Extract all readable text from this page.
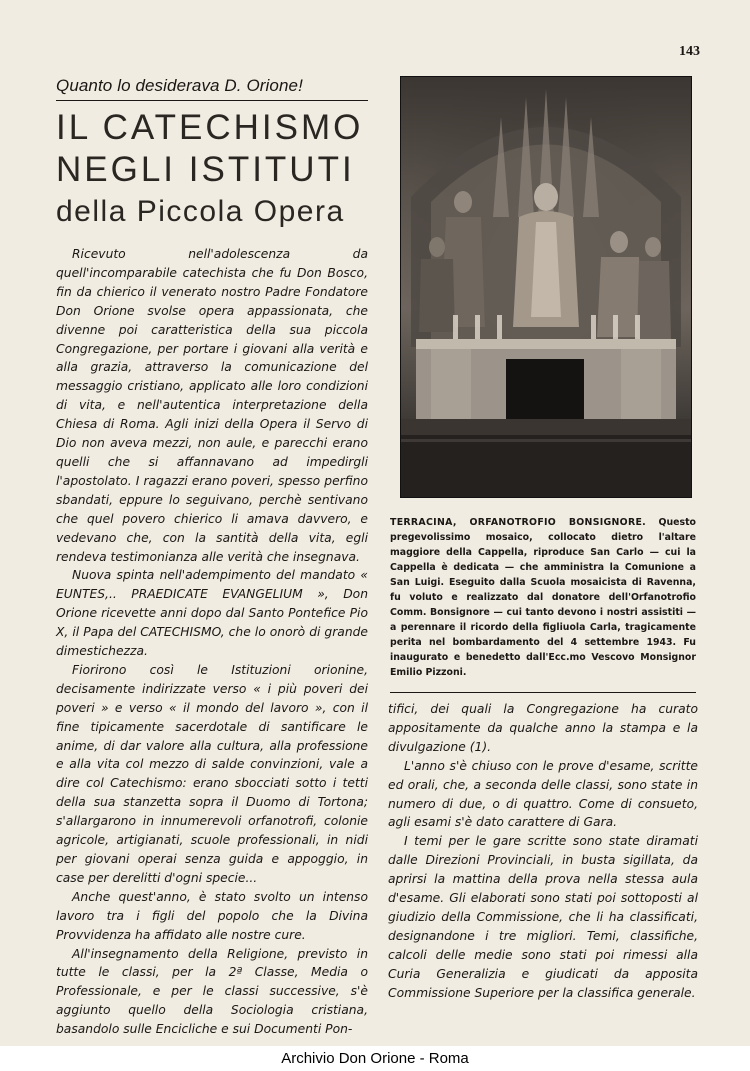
143
Quanto lo desiderava D. Orione!
IL CATECHISMO
NEGLI ISTITUTI
della Piccola Opera

Ricevuto nell'adolescenza da quell'incomparabile catechista che fu Don Bosco, fin da chierico il venerato nostro Padre Fondatore Don Orione svolse opera appassionata, che divenne poi caratteristica della sua piccola Congregazione, per portare i giovani alla verità e alla grazia, attraverso la comunicazione del messaggio cristiano, applicato alle loro condizioni di vita, e nell'autentica interpretazione della Chiesa di Roma. Agli inizi della Opera il Servo di Dio non aveva mezzi, non aule, e parecchi erano quelli che si affannavano ad impedirgli l'apostolato. I ragazzi erano poveri, spesso perfino sbandati, eppure lo seguivano, perchè sentivano che quel povero chierico li amava davvero, e vedevano che, con la santità della vita, egli rendeva testimonianza alle verità che insegnava.

Nuova spinta nell'adempimento del mandato « EUNTES,.. PRAEDICATE EVANGELIUM », Don Orione ricevette anni dopo dal Santo Pontefice Pio X, il Papa del CATECHISMO, che lo onorò di grande dimestichezza.

Fiorirono così le Istituzioni orionine, decisamente indirizzate verso « i più poveri dei poveri » e verso « il mondo del lavoro », con il fine tipicamente sacerdotale di santificare le anime, di dar valore alla cultura, alla professione e alla vita col mezzo di salde convinzioni, vale a dire col Catechismo: erano sbocciati sotto i tetti della sua stanzetta sopra il Duomo di Tortona; s'allargarono in innumerevoli orfanotrofi, colonie agricole, artigianati, scuole professionali, in nidi per giovani operai senza guida e appoggio, in case per derelitti d'ogni specie...

Anche quest'anno, è stato svolto un intenso lavoro tra i figli del popolo che la Divina Provvidenza ha affidato alle nostre cure.

All'insegnamento della Religione, previsto in tutte le classi, per la 2ª Classe, Media o Professionale, e per le classi successive, s'è aggiunto quello della Sociologia cristiana, basandolo sulle Encicliche e sui Documenti Pon-

TERRACINA, ORFANOTROFIO BONSIGNORE. Questo pregevolissimo mosaico, collocato dietro l'altare maggiore della Cappella, riproduce San Carlo — cui la Cappella è dedicata — che amministra la Comunione a San Luigi. Eseguito dalla Scuola mosaicista di Ravenna, fu voluto e realizzato dal donatore dell'Orfanotrofio Comm. Bonsignore — cui tanto devono i nostri assistiti — a perennare il ricordo della figliuola Carla, tragicamente perita nel bombardamento del 4 settembre 1943. Fu inaugurato e benedetto dall'Ecc.mo Vescovo Monsignor Emilio Pizzoni.

tifici, dei quali la Congregazione ha curato appositamente da qualche anno la stampa e la divulgazione (1).

L'anno s'è chiuso con le prove d'esame, scritte ed orali, che, a seconda delle classi, sono state in numero di due, o di quattro. Come di consueto, agli esami s'è dato carattere di Gara.

I temi per le gare scritte sono state diramati dalle Direzioni Provinciali, in busta sigillata, da aprirsi la mattina della prova nella stessa aula d'esame. Gli elaborati sono stati poi sottoposti al giudizio della Commissione, che li ha classificati, designandone i tre migliori. Temi, classifiche, calcoli delle medie sono stati poi rimessi alla Curia Generalizia e giudicati da apposita Commissione Superiore per la classifica generale.

Archivio Don Orione - Roma
